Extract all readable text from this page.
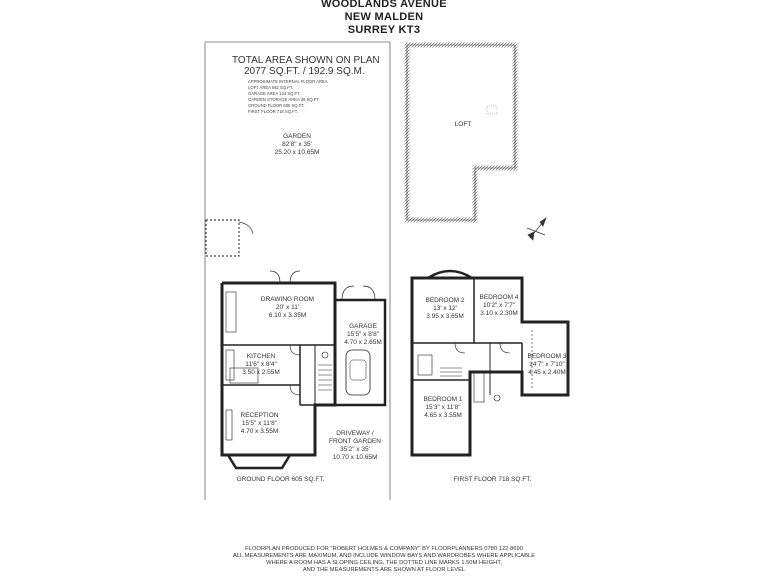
WOODLANDS AVENUE
NEW MALDEN
SURREY KT3
TOTAL AREA SHOWN ON PLAN
2077 SQ.FT. / 192.9 SQ.M.
APPROXIMATE INTERNAL FLOOR AREA
LOFT AREA 582 SQ.FT.
GARAGE AREA 134 SQ.FT.
GARDEN STORAGE AREA 38 SQ.FT.
GROUND FLOOR 605 SQ.FT.
FIRST FLOOR 718 SQ.FT.
GARDEN
82'8" x 35'
25.20 x 10.65M
LOFT
DRAWING ROOM
20' x 11'
6.10 x 3.35M
GARAGE
15'5" x 8'8"
4.70 x 2.65M
KITCHEN
11'6" x 8'4"
3.50 x 2.55M
RECEPTION
15'5" x 11'8"
4.70 x 3.55M	DRIVEWAY /
FRONT GARDEN
35'2" x 35'
10.70 x 10.65M
GROUND FLOOR 605 SQ.FT.
BEDROOM 2
13' x 12'
3.95 x 3.65M
BEDROOM 4
10'2" x 7'7"
3.10 x 2.30M
BEDROOM 3
14'7" x 7'10"
4.45 x 2.40M
BEDROOM 1
15'3" x 11'8"
4.65 x 3.55M
FIRST FLOOR 718 SQ.FT.
FLOORPLAN PRODUCED FOR "ROBERT HOLMES & COMPANY" BY FLOORPLANNERS 0780 122 8690
ALL MEASUREMENTS ARE MAXIMUM, AND INCLUDE WINDOW BAYS AND WARDROBES WHERE APPLICABLE
WHERE A ROOM HAS A SLOPING CEILING, THE DOTTED LINE MARKS 1.50M HEIGHT,
AND THE MEASUREMENTS ARE SHOWN AT FLOOR LEVEL
